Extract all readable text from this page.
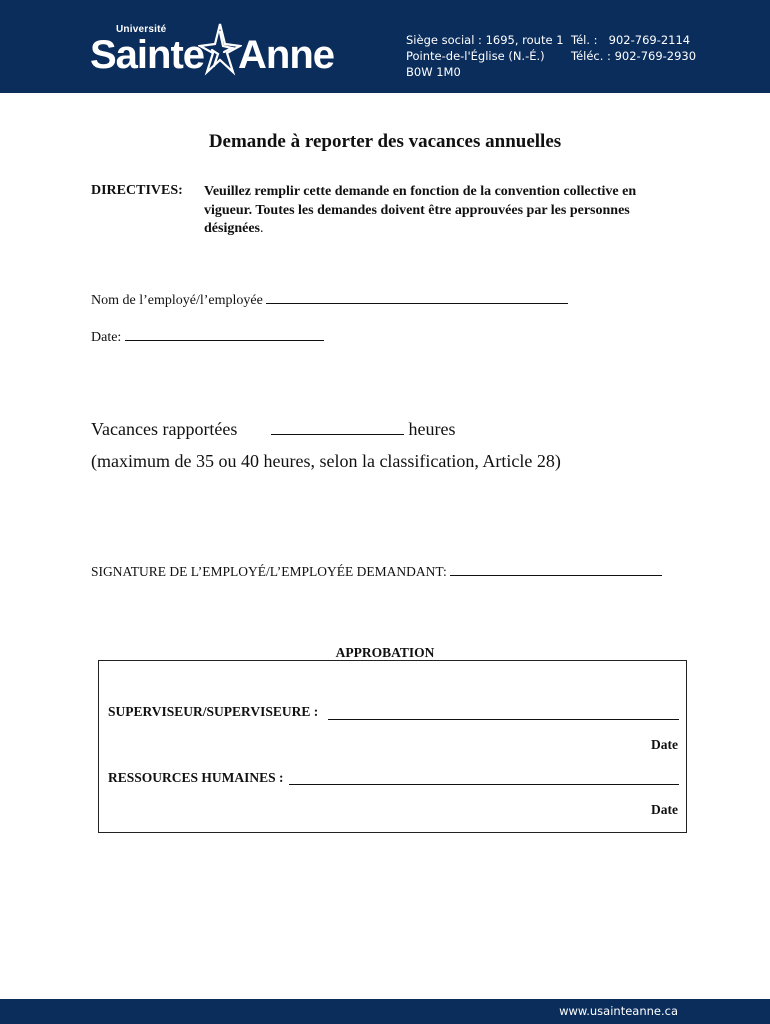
Université
Sainte Anne	Siège social : 1695, route 1
Pointe-de-l'Église (N.-É.)
B0W 1M0
Tél. : 902-769-2114
Téléc. : 902-769-2930
Demande à reporter des vacances annuelles
DIRECTIVES: Veuillez remplir cette demande en fonction de la convention collective en vigueur. Toutes les demandes doivent être approuvées par les personnes désignées.
Nom de l’employé/l’employée
Date:
Vacances rapportées	heures
(maximum de 35 ou 40 heures, selon la classification, Article 28)
SIGNATURE DE L’EMPLOYÉ/L’EMPLOYÉE DEMANDANT:
APPROBATION
SUPERVISEUR/SUPERVISEURE :
Date
RESSOURCES HUMAINES :
Date
www.usainteanne.ca
